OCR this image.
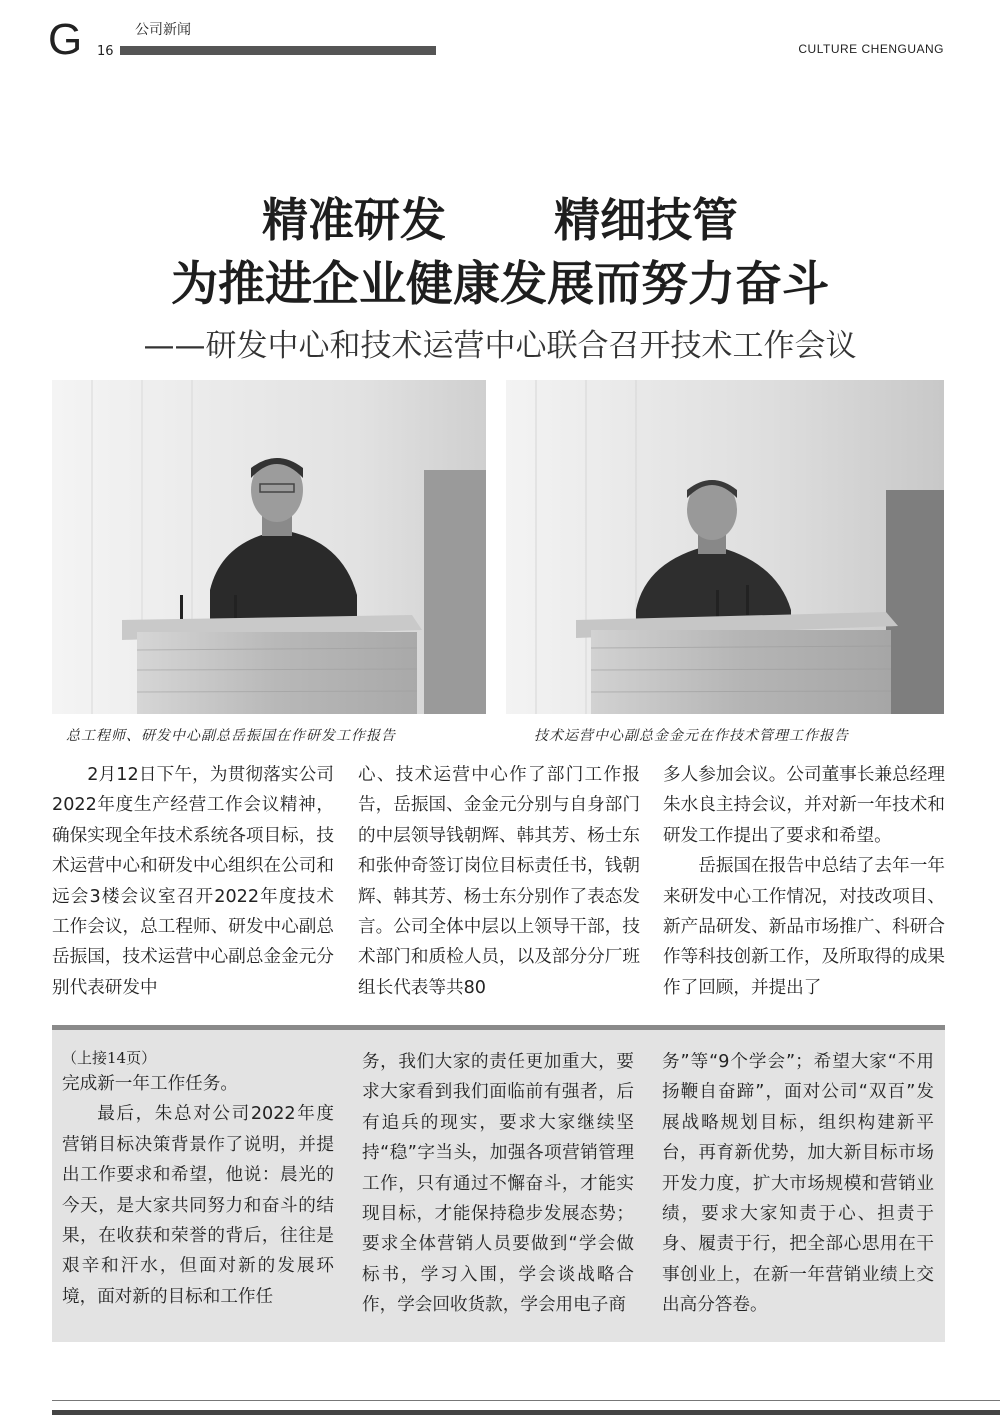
G 16
公司新闻
CULTURE CHENGUANG
精准研发 精细技管
为推进企业健康发展而努力奋斗
——研发中心和技术运营中心联合召开技术工作会议
总工程师、研发中心副总岳振国在作研发工作报告	技术运营中心副总金金元在作技术管理工作报告

2月12日下午，为贯彻落实公司2022年度生产经营工作会议精神，确保实现全年技术系统各项目标，技术运营中心和研发中心组织在公司和远会3楼会议室召开2022年度技术工作会议，总工程师、研发中心副总岳振国，技术运营中心副总金金元分别代表研发中

心、技术运营中心作了部门工作报告，岳振国、金金元分别与自身部门的中层领导钱朝辉、韩其芳、杨士东和张仲奇签订岗位目标责任书，钱朝辉、韩其芳、杨士东分别作了表态发言。公司全体中层以上领导干部，技术部门和质检人员，以及部分分厂班组长代表等共80

多人参加会议。公司董事长兼总经理朱水良主持会议，并对新一年技术和研发工作提出了要求和希望。

岳振国在报告中总结了去年一年来研发中心工作情况，对技改项目、新产品研发、新品市场推广、科研合作等科技创新工作，及所取得的成果作了回顾，并提出了

（上接14页）

完成新一年工作任务。

最后，朱总对公司2022年度营销目标决策背景作了说明，并提出工作要求和希望，他说：晨光的今天，是大家共同努力和奋斗的结果，在收获和荣誉的背后，往往是艰辛和汗水，但面对新的发展环境，面对新的目标和工作任

务，我们大家的责任更加重大，要求大家看到我们面临前有强者，后有追兵的现实，要求大家继续坚持“稳”字当头，加强各项营销管理工作，只有通过不懈奋斗，才能实现目标，才能保持稳步发展态势；要求全体营销人员要做到“学会做标书，学习入围，学会谈战略合作，学会回收货款，学会用电子商

务”等“9个学会”；希望大家“不用扬鞭自奋蹄”，面对公司“双百”发展战略规划目标，组织构建新平台，再育新优势，加大新目标市场开发力度，扩大市场规模和营销业绩，要求大家知责于心、担责于身、履责于行，把全部心思用在干事创业上，在新一年营销业绩上交出高分答卷。
